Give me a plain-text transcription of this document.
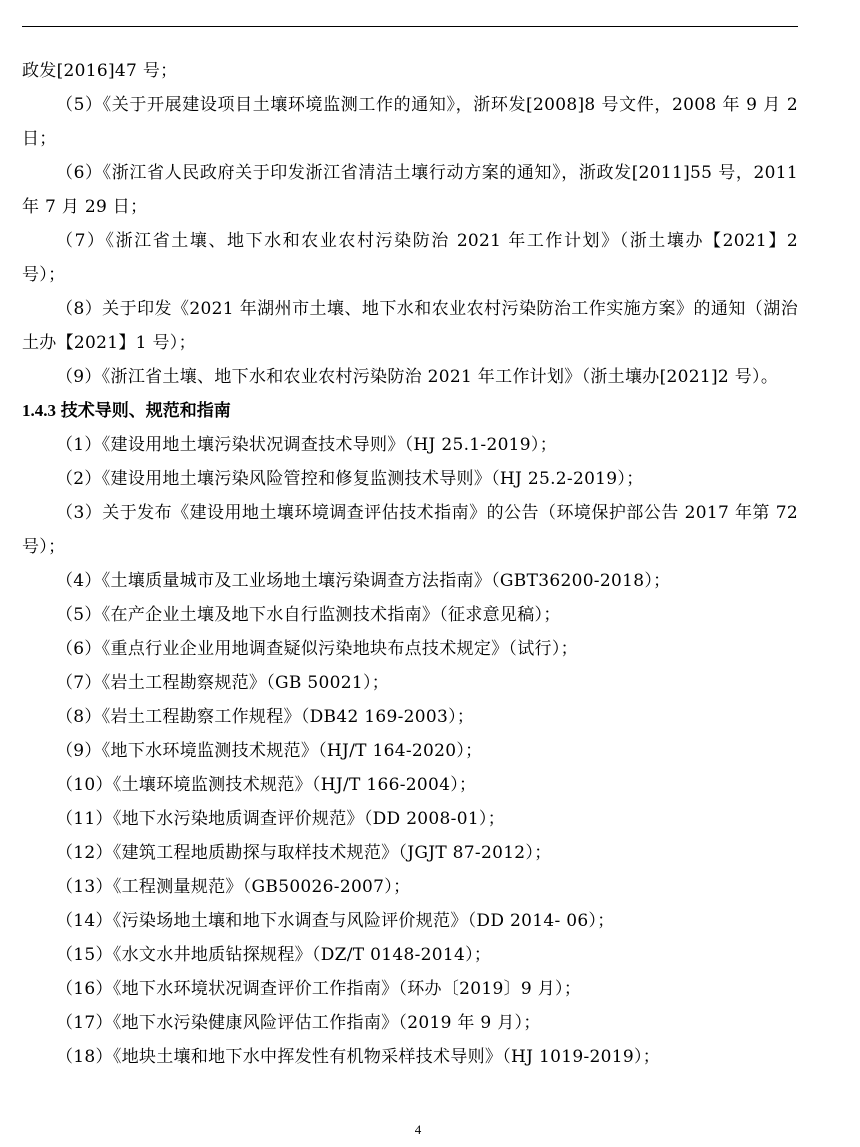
政发[2016]47 号；

（5）《关于开展建设项目土壤环境监测工作的通知》，浙环发[2008]8 号文件，2008 年 9 月 2 日；

（6）《浙江省人民政府关于印发浙江省清洁土壤行动方案的通知》，浙政发[2011]55 号，2011 年 7 月 29 日；

（7）《浙江省土壤、地下水和农业农村污染防治 2021 年工作计划》（浙土壤办【2021】2 号）；

（8）关于印发《2021 年湖州市土壤、地下水和农业农村污染防治工作实施方案》的通知（湖治土办【2021】1 号）；

（9）《浙江省土壤、地下水和农业农村污染防治 2021 年工作计划》（浙土壤办[2021]2 号）。

1.4.3 技术导则、规范和指南

（1）《建设用地土壤污染状况调查技术导则》（HJ 25.1-2019）；

（2）《建设用地土壤污染风险管控和修复监测技术导则》（HJ 25.2-2019）；

（3）关于发布《建设用地土壤环境调查评估技术指南》的公告（环境保护部公告 2017 年第 72 号）；

（4）《土壤质量城市及工业场地土壤污染调查方法指南》（GBT36200-2018）；

（5）《在产企业土壤及地下水自行监测技术指南》（征求意见稿）；

（6）《重点行业企业用地调查疑似污染地块布点技术规定》（试行）；

（7）《岩土工程勘察规范》（GB 50021）；

（8）《岩土工程勘察工作规程》（DB42 169-2003）；

（9）《地下水环境监测技术规范》（HJ/T 164-2020）；

（10）《土壤环境监测技术规范》（HJ/T 166-2004）；

（11）《地下水污染地质调查评价规范》（DD 2008-01）；

（12）《建筑工程地质勘探与取样技术规范》（JGJT 87-2012）；

（13）《工程测量规范》（GB50026-2007）；

（14）《污染场地土壤和地下水调查与风险评价规范》（DD 2014- 06）；

（15）《水文水井地质钻探规程》（DZ/T 0148-2014）；

（16）《地下水环境状况调查评价工作指南》（环办〔2019〕9 月）；

（17）《地下水污染健康风险评估工作指南》（2019 年 9 月）；

（18）《地块土壤和地下水中挥发性有机物采样技术导则》（HJ 1019-2019）；

4
